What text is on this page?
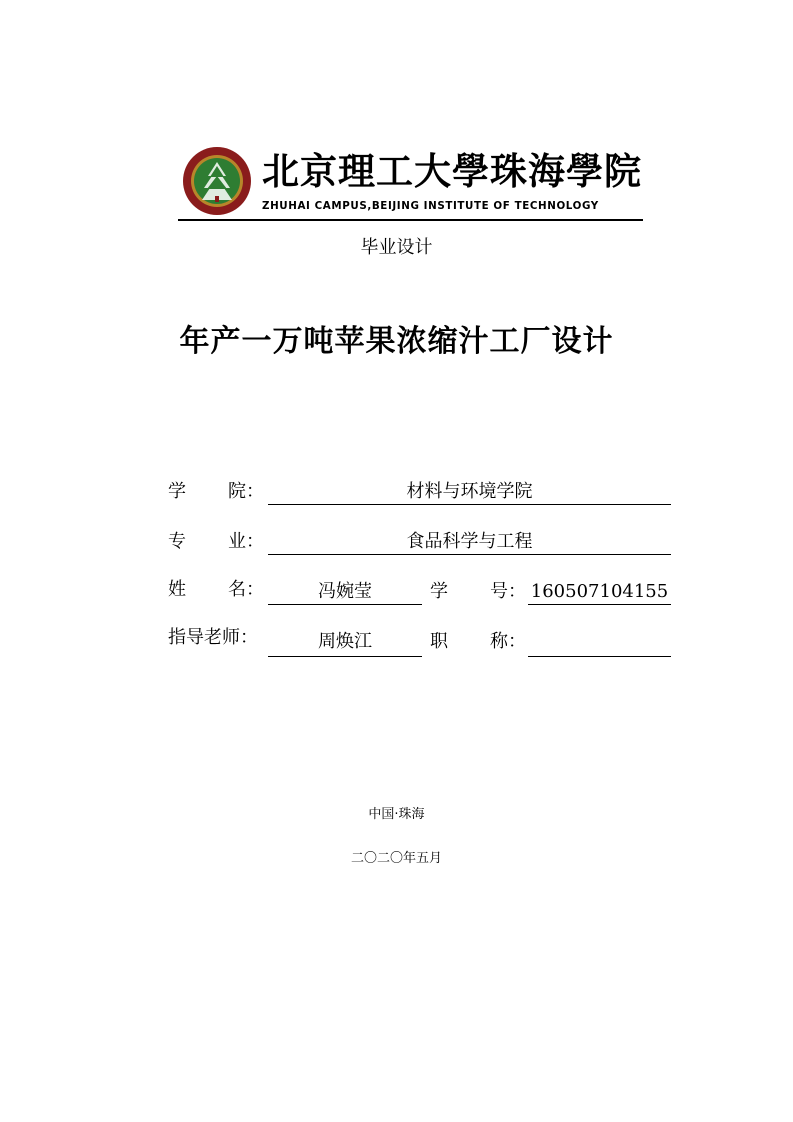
北京理工大學珠海學院
ZHUHAI CAMPUS,BEIJING INSTITUTE OF TECHNOLOGY
毕业设计
年产一万吨苹果浓缩汁工厂设计
学 院：	材料与环境学院
专 业：	食品科学与工程
姓 名：	冯婉莹	学 号： 160507104155
指导老师：	周焕江	职 称：
中国·珠海
二〇二〇年五月
